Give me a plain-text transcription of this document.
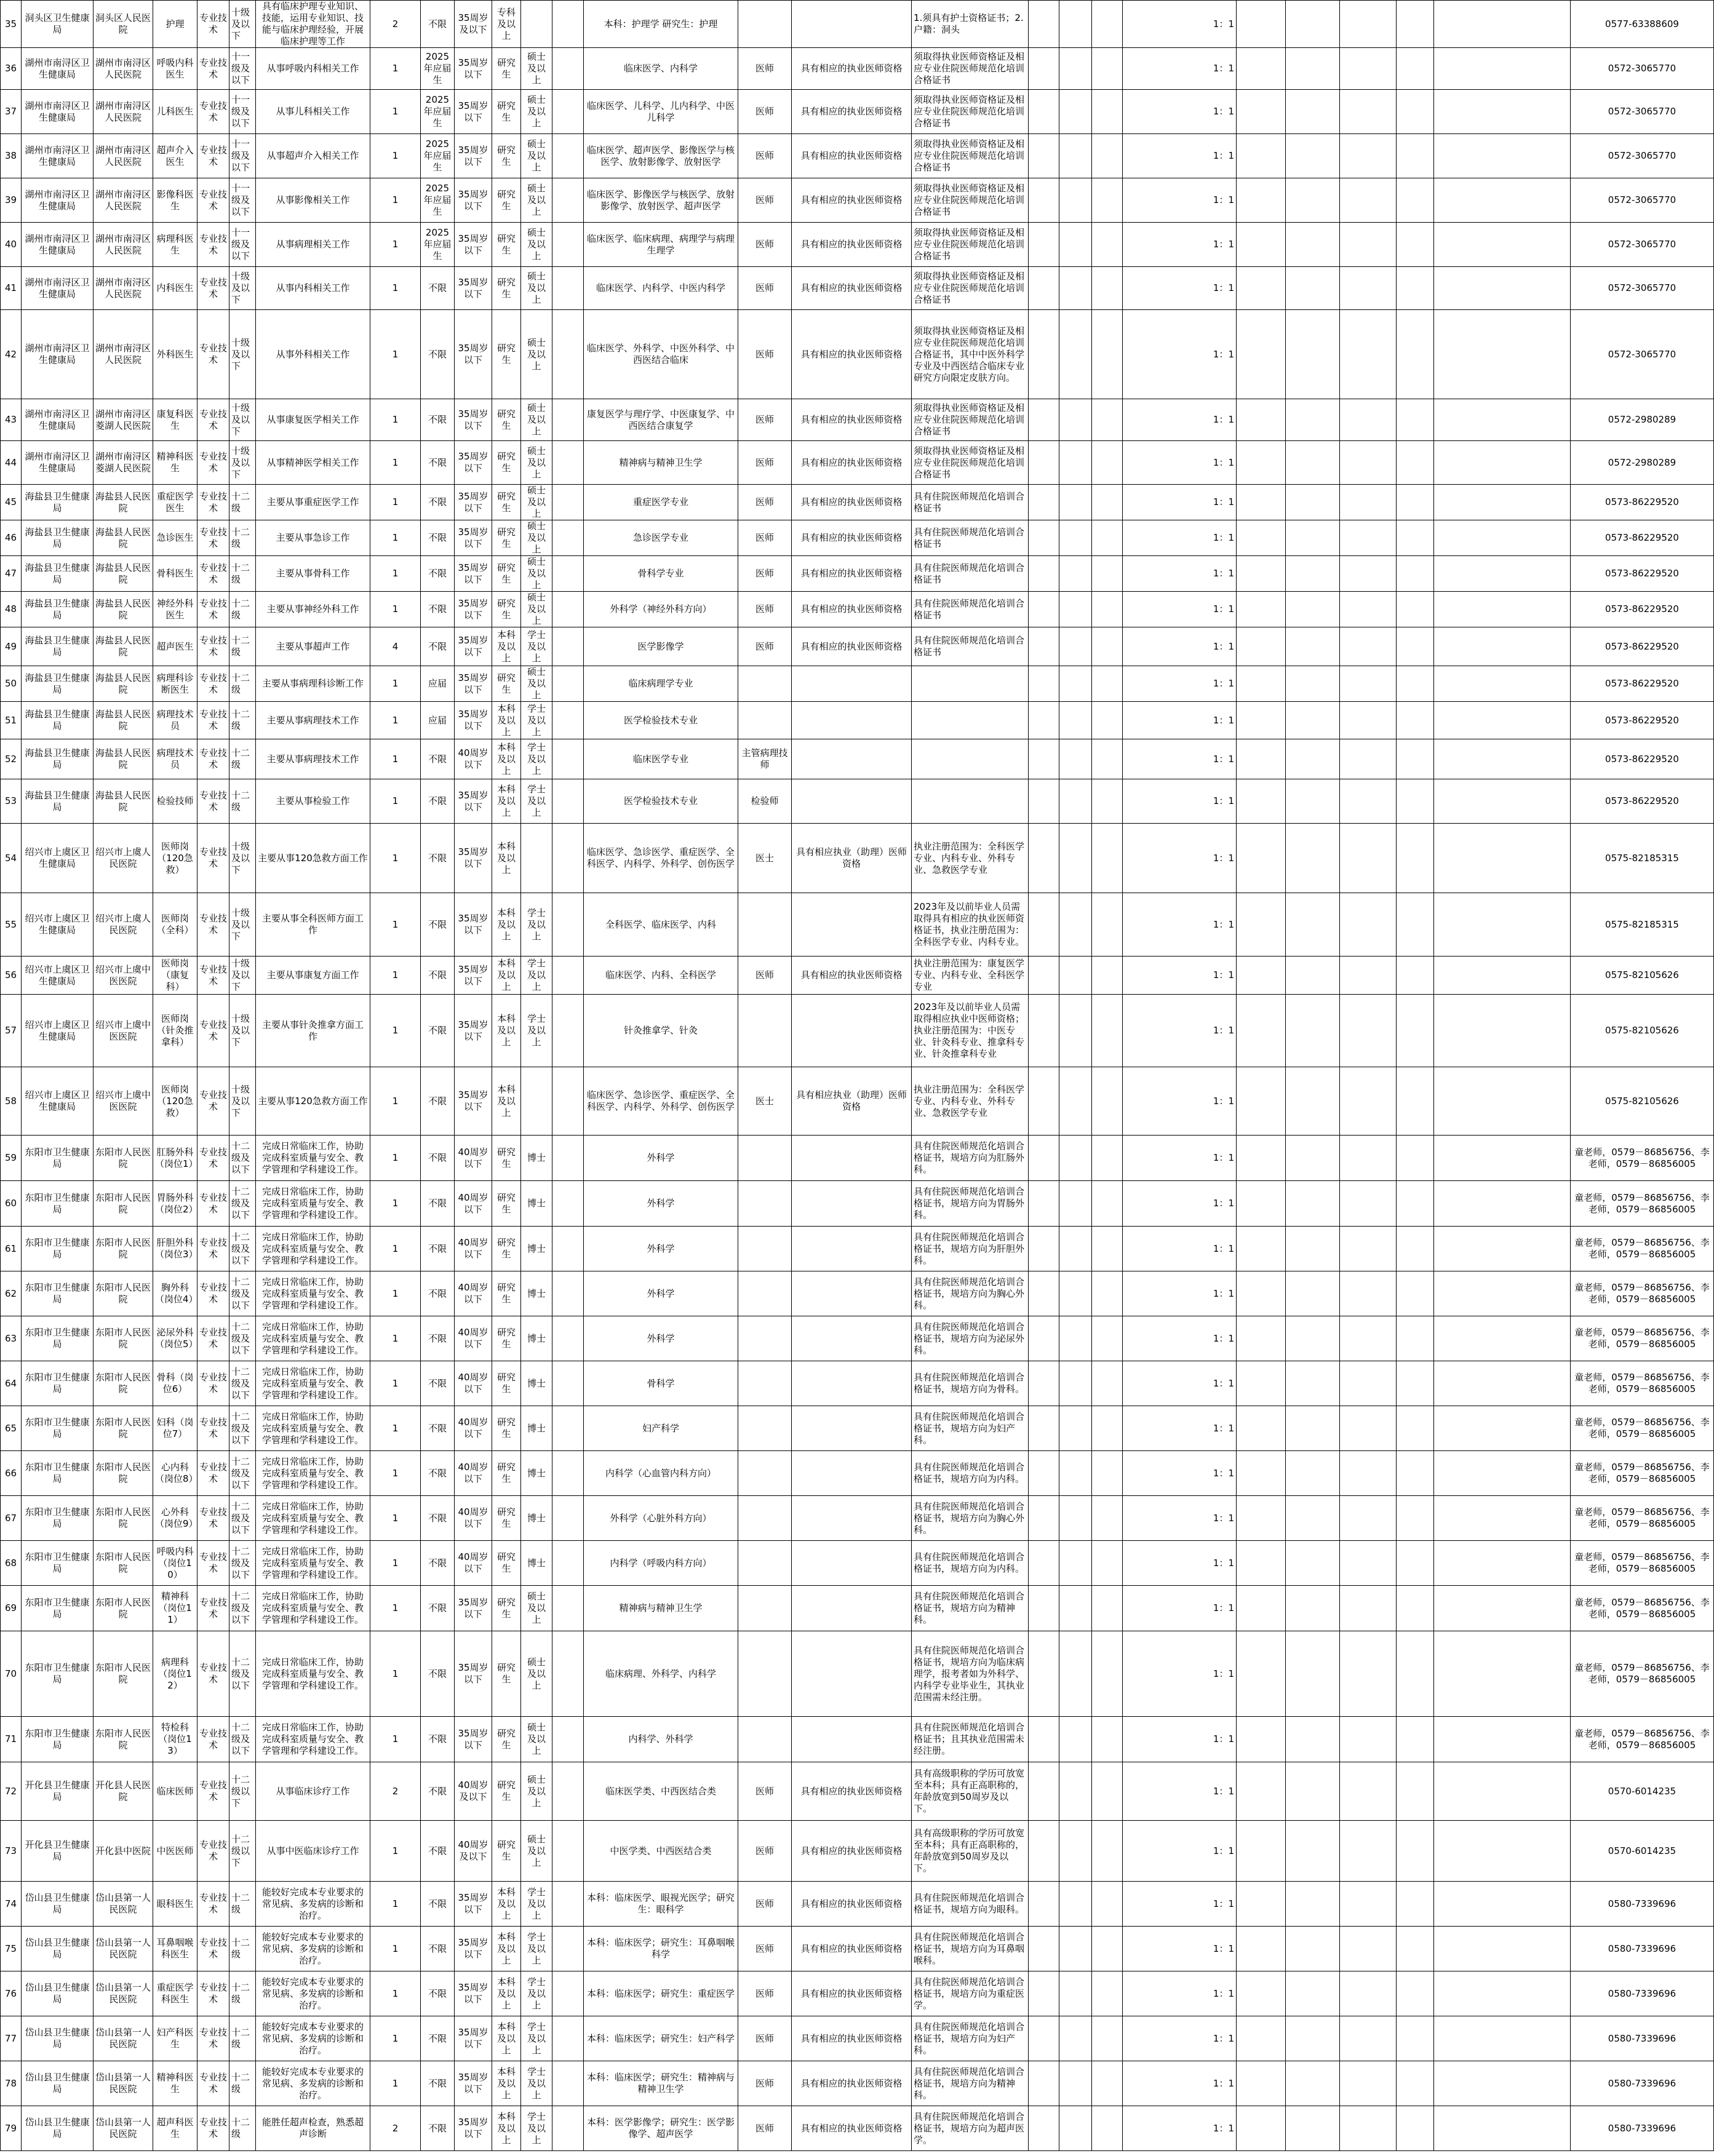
35	洞头区卫生健康局	洞头区人民医院	护理	专业技术	十级及以下	具有临床护理专业知识、技能，运用专业知识、技能与临床护理经验，开展临床护理等工作	2	不限	35周岁及以下	专科及以上			本科：护理学 研究生：护理			1.须具有护士资格证书；2.户籍：洞头				1：1						0577-63388609
36	湖州市南浔区卫生健康局	湖州市南浔区人民医院	呼吸内科医生	专业技术	十一级及以下	从事呼吸内科相关工作	1	2025年应届生	35周岁以下	研究生	硕士及以上		临床医学、内科学	医师	具有相应的执业医师资格	须取得执业医师资格证及相应专业住院医师规范化培训合格证书				1：1						0572-3065770
37	湖州市南浔区卫生健康局	湖州市南浔区人民医院	儿科医生	专业技术	十一级及以下	从事儿科相关工作	1	2025年应届生	35周岁以下	研究生	硕士及以上		临床医学、儿科学、儿内科学、中医儿科学	医师	具有相应的执业医师资格	须取得执业医师资格证及相应专业住院医师规范化培训合格证书				1：1						0572-3065770
38	湖州市南浔区卫生健康局	湖州市南浔区人民医院	超声介入医生	专业技术	十一级及以下	从事超声介入相关工作	1	2025年应届生	35周岁以下	研究生	硕士及以上		临床医学、超声医学、影像医学与核医学、放射影像学、放射医学	医师	具有相应的执业医师资格	须取得执业医师资格证及相应专业住院医师规范化培训合格证书				1：1						0572-3065770
39	湖州市南浔区卫生健康局	湖州市南浔区人民医院	影像科医生	专业技术	十一级及以下	从事影像相关工作	1	2025年应届生	35周岁以下	研究生	硕士及以上		临床医学、影像医学与核医学、放射影像学、放射医学、超声医学	医师	具有相应的执业医师资格	须取得执业医师资格证及相应专业住院医师规范化培训合格证书				1：1						0572-3065770
40	湖州市南浔区卫生健康局	湖州市南浔区人民医院	病理科医生	专业技术	十一级及以下	从事病理相关工作	1	2025年应届生	35周岁以下	研究生	硕士及以上		临床医学、临床病理、病理学与病理生理学	医师	具有相应的执业医师资格	须取得执业医师资格证及相应专业住院医师规范化培训合格证书				1：1						0572-3065770
41	湖州市南浔区卫生健康局	湖州市南浔区人民医院	内科医生	专业技术	十级及以下	从事内科相关工作	1	不限	35周岁以下	研究生	硕士及以上		临床医学、内科学、中医内科学	医师	具有相应的执业医师资格	须取得执业医师资格证及相应专业住院医师规范化培训合格证书				1：1						0572-3065770
42	湖州市南浔区卫生健康局	湖州市南浔区人民医院	外科医生	专业技术	十级及以下	从事外科相关工作	1	不限	35周岁以下	研究生	硕士及以上		临床医学、外科学、中医外科学、中西医结合临床	医师	具有相应的执业医师资格	须取得执业医师资格证及相应专业住院医师规范化培训合格证书，其中中医外科学专业及中西医结合临床专业研究方向限定皮肤方向。				1：1						0572-3065770
43	湖州市南浔区卫生健康局	湖州市南浔区菱湖人民医院	康复科医生	专业技术	十级及以下	从事康复医学相关工作	1	不限	35周岁以下	研究生	硕士及以上		康复医学与理疗学、中医康复学、中西医结合康复学	医师	具有相应的执业医师资格	须取得执业医师资格证及相应专业住院医师规范化培训合格证书				1：1						0572-2980289
44	湖州市南浔区卫生健康局	湖州市南浔区菱湖人民医院	精神科医生	专业技术	十级及以下	从事精神医学相关工作	1	不限	35周岁以下	研究生	硕士及以上		精神病与精神卫生学	医师	具有相应的执业医师资格	须取得执业医师资格证及相应专业住院医师规范化培训合格证书				1：1						0572-2980289
45	海盐县卫生健康局	海盐县人民医院	重症医学医生	专业技术	十二级	主要从事重症医学工作	1	不限	35周岁以下	研究生	硕士及以上		重症医学专业	医师	具有相应的执业医师资格	具有住院医师规范化培训合格证书				1：1						0573-86229520
46	海盐县卫生健康局	海盐县人民医院	急诊医生	专业技术	十二级	主要从事急诊工作	1	不限	35周岁以下	研究生	硕士及以上		急诊医学专业	医师	具有相应的执业医师资格	具有住院医师规范化培训合格证书				1：1						0573-86229520
47	海盐县卫生健康局	海盐县人民医院	骨科医生	专业技术	十二级	主要从事骨科工作	1	不限	35周岁以下	研究生	硕士及以上		骨科学专业	医师	具有相应的执业医师资格	具有住院医师规范化培训合格证书				1：1						0573-86229520
48	海盐县卫生健康局	海盐县人民医院	神经外科医生	专业技术	十二级	主要从事神经外科工作	1	不限	35周岁以下	研究生	硕士及以上		外科学（神经外科方向）	医师	具有相应的执业医师资格	具有住院医师规范化培训合格证书				1：1						0573-86229520
49	海盐县卫生健康局	海盐县人民医院	超声医生	专业技术	十二级	主要从事超声工作	4	不限	35周岁以下	本科及以上	学士及以上		医学影像学	医师	具有相应的执业医师资格	具有住院医师规范化培训合格证书				1：1						0573-86229520
50	海盐县卫生健康局	海盐县人民医院	病理科诊断医生	专业技术	十二级	主要从事病理科诊断工作	1	应届	35周岁以下	研究生	硕士及以上		临床病理学专业							1：1						0573-86229520
51	海盐县卫生健康局	海盐县人民医院	病理技术员	专业技术	十二级	主要从事病理技术工作	1	应届	35周岁以下	本科及以上	学士及以上		医学检验技术专业							1：1						0573-86229520
52	海盐县卫生健康局	海盐县人民医院	病理技术员	专业技术	十二级	主要从事病理技术工作	1	不限	40周岁以下	本科及以上	学士及以上		临床医学专业	主管病理技师						1：1						0573-86229520
53	海盐县卫生健康局	海盐县人民医院	检验技师	专业技术	十二级	主要从事检验工作	1	不限	35周岁以下	本科及以上	学士及以上		医学检验技术专业	检验师						1：1						0573-86229520
54	绍兴市上虞区卫生健康局	绍兴市上虞人民医院	医师岗（120急救）	专业技术	十级及以下	主要从事120急救方面工作	1	不限	35周岁以下	本科及以上			临床医学、急诊医学、重症医学、全科医学、内科学、外科学、创伤医学	医士	具有相应执业（助理）医师资格	执业注册范围为：全科医学专业、内科专业、外科专业、急救医学专业				1：1						0575-82185315
55	绍兴市上虞区卫生健康局	绍兴市上虞人民医院	医师岗（全科）	专业技术	十级及以下	主要从事全科医师方面工作	1	不限	35周岁以下	本科及以上	学士及以上		全科医学、临床医学、内科			2023年及以前毕业人员需取得具有相应的执业医师资格证书，执业注册范围为：全科医学专业、内科专业。				1：1						0575-82185315
56	绍兴市上虞区卫生健康局	绍兴市上虞中医医院	医师岗（康复科）	专业技术	十级及以下	主要从事康复方面工作	1	不限	35周岁以下	本科及以上	学士及以上		临床医学、内科、全科医学	医师	具有相应的执业医师资格	执业注册范围为：康复医学专业、内科专业、全科医学专业				1：1						0575-82105626
57	绍兴市上虞区卫生健康局	绍兴市上虞中医医院	医师岗（针灸推拿科）	专业技术	十级及以下	主要从事针灸推拿方面工作	1	不限	35周岁以下	本科及以上	学士及以上		针灸推拿学、针灸			2023年及以前毕业人员需取得相应执业中医师资格；执业注册范围为：中医专业、针灸科专业、推拿科专业、针灸推拿科专业				1：1						0575-82105626
58	绍兴市上虞区卫生健康局	绍兴市上虞中医医院	医师岗（120急救）	专业技术	十级及以下	主要从事120急救方面工作	1	不限	35周岁以下	本科及以上			临床医学、急诊医学、重症医学、全科医学、内科学、外科学、创伤医学	医士	具有相应执业（助理）医师资格	执业注册范围为：全科医学专业、内科专业、外科专业、急救医学专业				1：1						0575-82105626
59	东阳市卫生健康局	东阳市人民医院	肛肠外科（岗位1）	专业技术	十二级及以下	完成日常临床工作，协助完成科室质量与安全、教学管理和学科建设工作。	1	不限	40周岁以下	研究生	博士		外科学			具有住院医师规范化培训合格证书，规培方向为肛肠外科。				1：1						童老师，0579－86856756、李老师，0579－86856005
60	东阳市卫生健康局	东阳市人民医院	胃肠外科（岗位2）	专业技术	十二级及以下	完成日常临床工作，协助完成科室质量与安全、教学管理和学科建设工作。	1	不限	40周岁以下	研究生	博士		外科学			具有住院医师规范化培训合格证书，规培方向为胃肠外科。				1：1						童老师，0579－86856756、李老师，0579－86856005
61	东阳市卫生健康局	东阳市人民医院	肝胆外科（岗位3）	专业技术	十二级及以下	完成日常临床工作，协助完成科室质量与安全、教学管理和学科建设工作。	1	不限	40周岁以下	研究生	博士		外科学			具有住院医师规范化培训合格证书，规培方向为肝胆外科。				1：1						童老师，0579－86856756、李老师，0579－86856005
62	东阳市卫生健康局	东阳市人民医院	胸外科（岗位4）	专业技术	十二级及以下	完成日常临床工作，协助完成科室质量与安全、教学管理和学科建设工作。	1	不限	40周岁以下	研究生	博士		外科学			具有住院医师规范化培训合格证书，规培方向为胸心外科。				1：1						童老师，0579－86856756、李老师，0579－86856005
63	东阳市卫生健康局	东阳市人民医院	泌尿外科（岗位5）	专业技术	十二级及以下	完成日常临床工作，协助完成科室质量与安全、教学管理和学科建设工作。	1	不限	40周岁以下	研究生	博士		外科学			具有住院医师规范化培训合格证书，规培方向为泌尿外科。				1：1						童老师，0579－86856756、李老师，0579－86856005
64	东阳市卫生健康局	东阳市人民医院	骨科（岗位6）	专业技术	十二级及以下	完成日常临床工作，协助完成科室质量与安全、教学管理和学科建设工作。	1	不限	40周岁以下	研究生	博士		骨科学			具有住院医师规范化培训合格证书，规培方向为骨科。				1：1						童老师，0579－86856756、李老师，0579－86856005
65	东阳市卫生健康局	东阳市人民医院	妇科（岗位7）	专业技术	十二级及以下	完成日常临床工作，协助完成科室质量与安全、教学管理和学科建设工作。	1	不限	40周岁以下	研究生	博士		妇产科学			具有住院医师规范化培训合格证书，规培方向为妇产科。				1：1						童老师，0579－86856756、李老师，0579－86856005
66	东阳市卫生健康局	东阳市人民医院	心内科（岗位8）	专业技术	十二级及以下	完成日常临床工作，协助完成科室质量与安全、教学管理和学科建设工作。	1	不限	40周岁以下	研究生	博士		内科学（心血管内科方向）			具有住院医师规范化培训合格证书，规培方向为内科。				1：1						童老师，0579－86856756、李老师，0579－86856005
67	东阳市卫生健康局	东阳市人民医院	心外科（岗位9）	专业技术	十二级及以下	完成日常临床工作，协助完成科室质量与安全、教学管理和学科建设工作。	1	不限	40周岁以下	研究生	博士		外科学（心脏外科方向）			具有住院医师规范化培训合格证书，规培方向为胸心外科。				1：1						童老师，0579－86856756、李老师，0579－86856005
68	东阳市卫生健康局	东阳市人民医院	呼吸内科（岗位10）	专业技术	十二级及以下	完成日常临床工作，协助完成科室质量与安全、教学管理和学科建设工作。	1	不限	40周岁以下	研究生	博士		内科学（呼吸内科方向）			具有住院医师规范化培训合格证书，规培方向为内科。				1：1						童老师，0579－86856756、李老师，0579－86856005
69	东阳市卫生健康局	东阳市人民医院	精神科（岗位11）	专业技术	十二级及以下	完成日常临床工作，协助完成科室质量与安全、教学管理和学科建设工作。	1	不限	35周岁以下	研究生	硕士及以上		精神病与精神卫生学			具有住院医师规范化培训合格证书，规培方向为精神科。				1：1						童老师，0579－86856756、李老师，0579－86856005
70	东阳市卫生健康局	东阳市人民医院	病理科（岗位12）	专业技术	十二级及以下	完成日常临床工作，协助完成科室质量与安全、教学管理和学科建设工作。	1	不限	35周岁以下	研究生	硕士及以上		临床病理、外科学、内科学			具有住院医师规范化培训合格证书，规培方向为临床病理学，报考者如为外科学、内科学专业毕业生，其执业范围需未经注册。				1：1						童老师，0579－86856756、李老师，0579－86856005
71	东阳市卫生健康局	东阳市人民医院	特检科（岗位13）	专业技术	十二级及以下	完成日常临床工作，协助完成科室质量与安全、教学管理和学科建设工作。	1	不限	35周岁以下	研究生	硕士及以上		内科学、外科学			具有住院医师规范化培训合格证书；且其执业范围需未经注册。				1：1						童老师，0579－86856756、李老师，0579－86856005
72	开化县卫生健康局	开化县人民医院	临床医师	专业技术	十二级以下	从事临床诊疗工作	2	不限	40周岁及以下	研究生	硕士及以上		临床医学类、中西医结合类	医师	具有相应的执业医师资格	具有高级职称的学历可放宽至本科；具有正高职称的，年龄放宽到50周岁及以下。				1：1						0570-6014235
73	开化县卫生健康局	开化县中医院	中医医师	专业技术	十二级以下	从事中医临床诊疗工作	1	不限	40周岁及以下	研究生	硕士及以上		中医学类、中西医结合类	医师	具有相应的执业医师资格	具有高级职称的学历可放宽至本科；具有正高职称的，年龄放宽到50周岁及以下。				1：1						0570-6014235
74	岱山县卫生健康局	岱山县第一人民医院	眼科医生	专业技术	十二级	能较好完成本专业要求的常见病、多发病的诊断和治疗。	1	不限	35周岁以下	本科及以上	学士及以上		本科：临床医学、眼视光医学；研究生：眼科学	医师	具有相应的执业医师资格	具有住院医师规范化培训合格证书，规培方向为眼科。				1：1						0580-7339696
75	岱山县卫生健康局	岱山县第一人民医院	耳鼻咽喉科医生	专业技术	十二级	能较好完成本专业要求的常见病、多发病的诊断和治疗。	1	不限	35周岁以下	本科及以上	学士及以上		本科：临床医学；研究生：耳鼻咽喉科学	医师	具有相应的执业医师资格	具有住院医师规范化培训合格证书，规培方向为耳鼻咽喉科。				1：1						0580-7339696
76	岱山县卫生健康局	岱山县第一人民医院	重症医学科医生	专业技术	十二级	能较好完成本专业要求的常见病、多发病的诊断和治疗。	1	不限	35周岁以下	本科及以上	学士及以上		本科：临床医学；研究生：重症医学	医师	具有相应的执业医师资格	具有住院医师规范化培训合格证书，规培方向为重症医学。				1：1						0580-7339696
77	岱山县卫生健康局	岱山县第一人民医院	妇产科医生	专业技术	十二级	能较好完成本专业要求的常见病、多发病的诊断和治疗。	1	不限	35周岁以下	本科及以上	学士及以上		本科：临床医学；研究生：妇产科学	医师	具有相应的执业医师资格	具有住院医师规范化培训合格证书，规培方向为妇产科。				1：1						0580-7339696
78	岱山县卫生健康局	岱山县第一人民医院	精神科医生	专业技术	十二级	能较好完成本专业要求的常见病、多发病的诊断和治疗。	1	不限	35周岁以下	本科及以上	学士及以上		本科：临床医学；研究生：精神病与精神卫生学	医师	具有相应的执业医师资格	具有住院医师规范化培训合格证书，规培方向为精神科。				1：1						0580-7339696
79	岱山县卫生健康局	岱山县第一人民医院	超声科医生	专业技术	十二级	能胜任超声检查，熟悉超声诊断	2	不限	35周岁以下	本科及以上	学士及以上		本科：医学影像学；研究生：医学影像学、超声医学	医师	具有相应的执业医师资格	具有住院医师规范化培训合格证书，规培方向为超声医学。				1：1						0580-7339696
